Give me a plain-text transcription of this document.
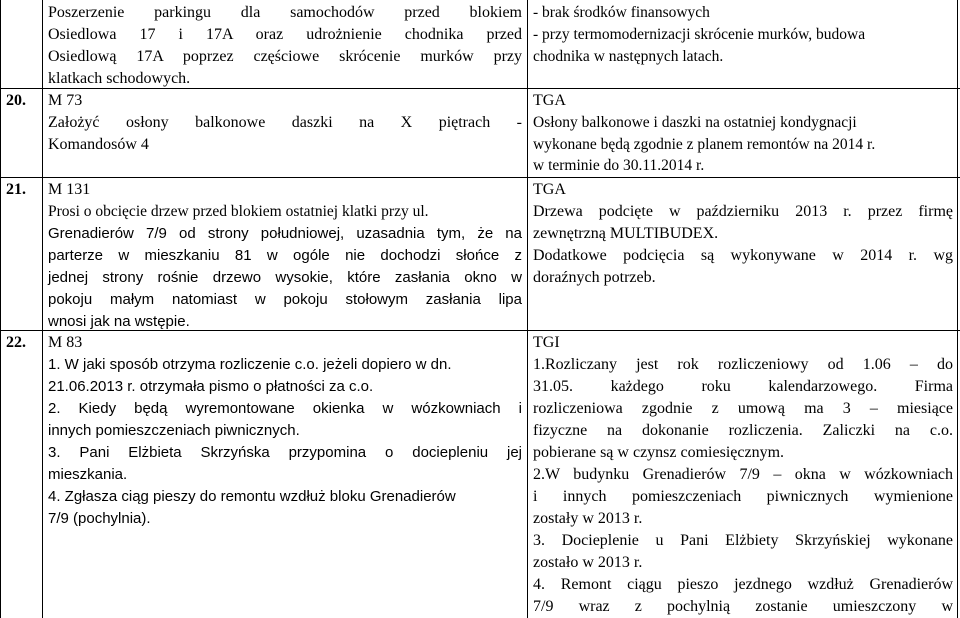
Poszerzenie parkingu dla samochodów przed blokiem
Osiedlowa 17 i 17A oraz udrożnienie chodnika przed
Osiedlową 17A poprzez częściowe skrócenie murków przy
klatkach schodowych.
- brak środków finansowych
- przy termomodernizacji skrócenie murków, budowa
chodnika w następnych latach.
20. M 73
Założyć osłony balkonowe daszki na X piętrach -
Komandosów 4
TGA
Osłony balkonowe i daszki na ostatniej kondygnacji
wykonane będą zgodnie z planem remontów na 2014 r.
w terminie do 30.11.2014 r.
21. M 131
Prosi o obcięcie drzew przed blokiem ostatniej klatki przy ul.
Grenadierów 7/9 od strony południowej, uzasadnia tym, że na
parterze w mieszkaniu 81 w ogóle nie dochodzi słońce z
jednej strony rośnie drzewo wysokie, które zasłania okno w
pokoju małym natomiast w pokoju stołowym zasłania lipa
wnosi jak na wstępie.
TGA
Drzewa podcięte w październiku 2013 r. przez firmę
zewnętrzną MULTIBUDEX.
Dodatkowe podcięcia są wykonywane w 2014 r. wg
doraźnych potrzeb.
22. M 83
1. W jaki sposób otrzyma rozliczenie c.o. jeżeli dopiero w dn.
21.06.2013 r. otrzymała pismo o płatności za c.o.
2. Kiedy będą wyremontowane okienka w wózkowniach i
innych pomieszczeniach piwnicznych.
3. Pani Elżbieta Skrzyńska przypomina o dociepleniu jej
mieszkania.
4. Zgłasza ciąg pieszy do remontu wzdłuż bloku Grenadierów
7/9 (pochylnia).
TGI
1.Rozliczany jest rok rozliczeniowy od 1.06 – do
31.05. każdego roku kalendarzowego. Firma
rozliczeniowa zgodnie z umową ma 3 – miesiące
fizyczne na dokonanie rozliczenia. Zaliczki na c.o.
pobierane są w czynsz comiesięcznym.
2.W budynku Grenadierów 7/9 – okna w wózkowniach
i innych pomieszczeniach piwnicznych wymienione
zostały w 2013 r.
3. Docieplenie u Pani Elżbiety Skrzyńskiej wykonane
zostało w 2013 r.
4. Remont ciągu pieszo jezdnego wzdłuż Grenadierów
7/9 wraz z pochylnią zostanie umieszczony w
